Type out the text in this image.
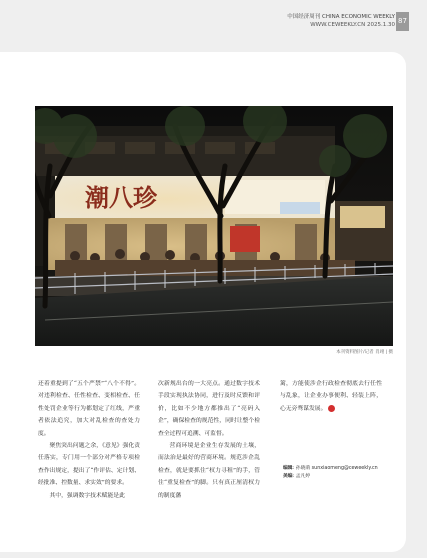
中国经济周刊 CHINA ECONOMIC WEEKLY
WWW.CEWEEKLY.CN 2025.1.30 87
潮八珍
本刊资料图片/记者 肖翊 | 摄

还着重提到了“五个严禁”“八个不得”。对违利检查、任性检查、变相检查、任性处罚企业等行为都划定了红线，严重者依法追究，加大对乱检查的查处力度。

聚焦突出问题之余，《意见》强化责任落实，专门用一个部分对严格专项检查作出规定，提出了“作评估、定计划、经批准、控数量、求实效”的要求。

其中，强调数字技术赋能是此

次新规出台的一大亮点。通过数字技术手段实现执法协同，进行及时反馈和评价，比如不少地方都推出了“亮码入企”，确保检查的规范性，同时让整个检查全过程可追溯、可监督。

营商环境是企业生存发展的土壤，而法治是最好的营商环境。规范涉企乱检查，就是要抓住“权力寻租”的手，管住“重复检查”的脚。只有真正厘清权力的制度藩

篱，方能使涉企行政检查彻底去行任性与乱象，让企业办事便利、轻装上阵，心无旁骛谋发展。

编辑: 孙晓萌 sunxiaomeng@ceweekly.cn
美编: 孟凡婷
